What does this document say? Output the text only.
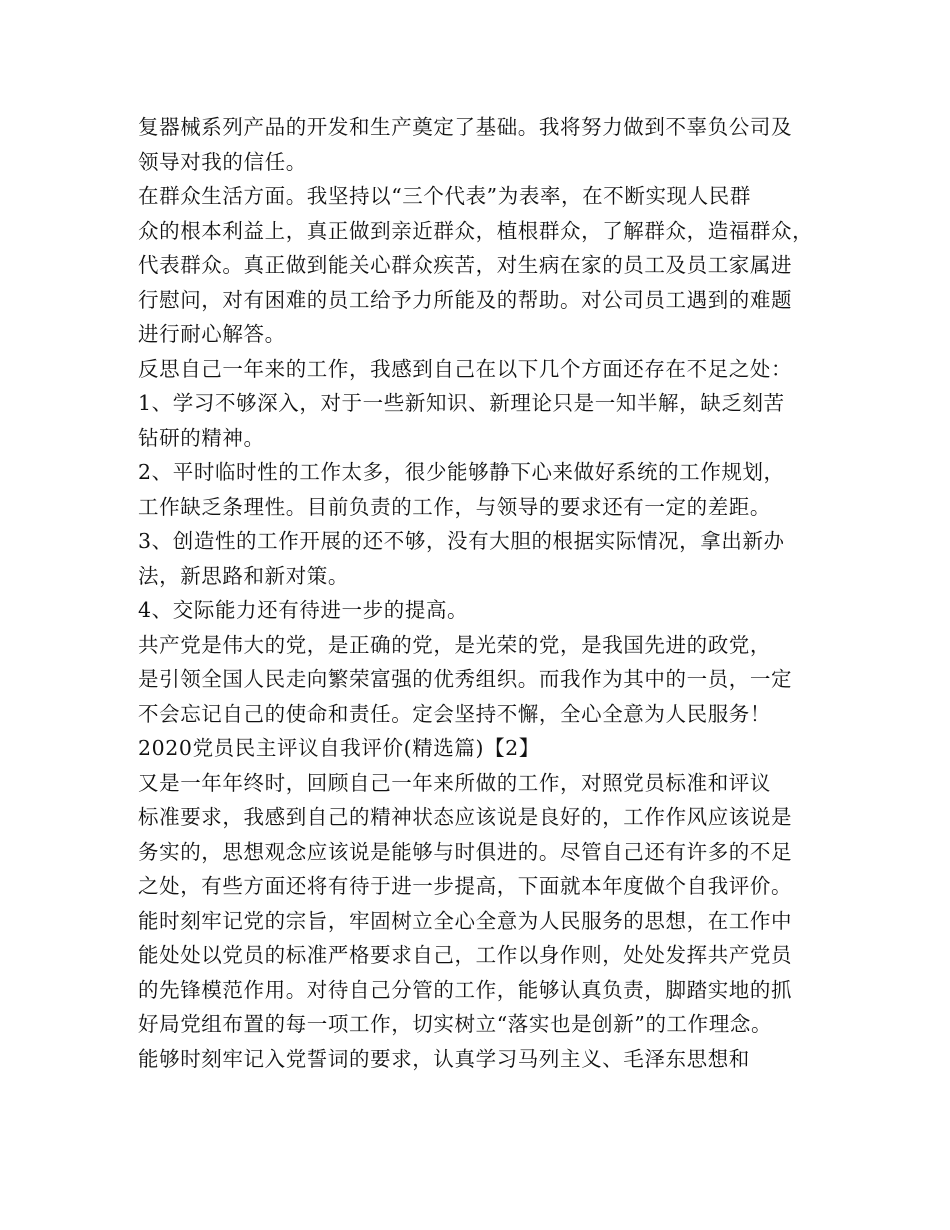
复器械系列产品的开发和生产奠定了基础。我将努力做到不辜负公司及
领导对我的信任。
在群众生活方面。我坚持以“三个代表”为表率，在不断实现人民群
众的根本利益上，真正做到亲近群众，植根群众，了解群众，造福群众，
代表群众。真正做到能关心群众疾苦，对生病在家的员工及员工家属进
行慰问，对有困难的员工给予力所能及的帮助。对公司员工遇到的难题
进行耐心解答。
反思自己一年来的工作，我感到自己在以下几个方面还存在不足之处：
1、学习不够深入，对于一些新知识、新理论只是一知半解，缺乏刻苦
钻研的精神。
2、平时临时性的工作太多，很少能够静下心来做好系统的工作规划，
工作缺乏条理性。目前负责的工作，与领导的要求还有一定的差距。
3、创造性的工作开展的还不够，没有大胆的根据实际情况，拿出新办
法，新思路和新对策。
4、交际能力还有待进一步的提高。
共产党是伟大的党，是正确的党，是光荣的党，是我国先进的政党，
是引领全国人民走向繁荣富强的优秀组织。而我作为其中的一员，一定
不会忘记自己的使命和责任。定会坚持不懈，全心全意为人民服务！
2020党员民主评议自我评价(精选篇)【2】
又是一年年终时，回顾自己一年来所做的工作，对照党员标准和评议
标准要求，我感到自己的精神状态应该说是良好的，工作作风应该说是
务实的，思想观念应该说是能够与时俱进的。尽管自己还有许多的不足
之处，有些方面还将有待于进一步提高，下面就本年度做个自我评价。
能时刻牢记党的宗旨，牢固树立全心全意为人民服务的思想，在工作中
能处处以党员的标准严格要求自己，工作以身作则，处处发挥共产党员
的先锋模范作用。对待自己分管的工作，能够认真负责，脚踏实地的抓
好局党组布置的每一项工作，切实树立“落实也是创新”的工作理念。
能够时刻牢记入党誓词的要求，认真学习马列主义、毛泽东思想和
